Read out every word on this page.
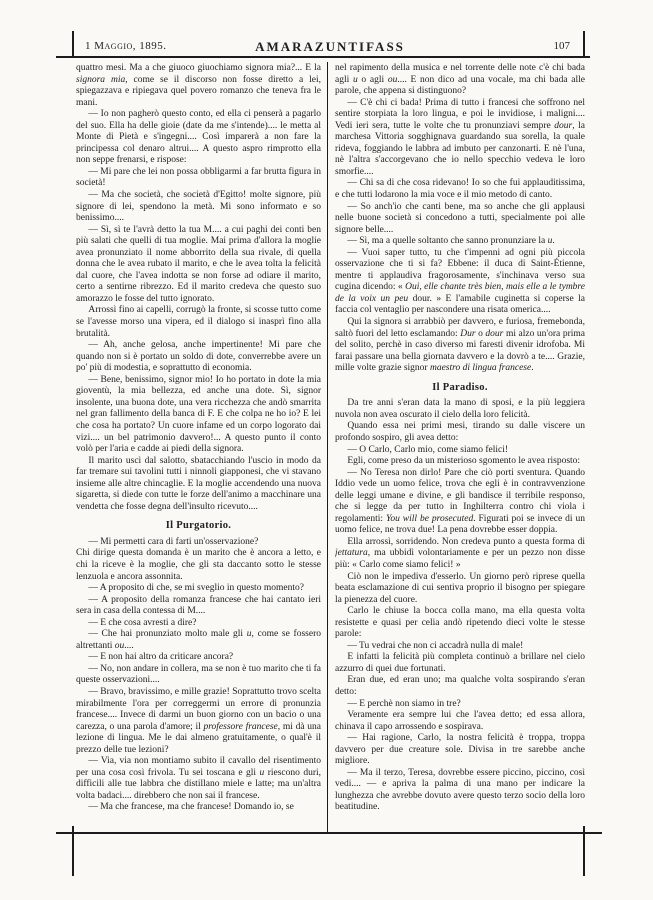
1 Maggio, 1895.	AMARAZUNTIFASS	107

quattro mesi. Ma a che giuoco giuochiamo signora mia?... E la signora mia, come se il discorso non fosse diretto a lei, spiegazzava e ripiegava quel povero romanzo che teneva fra le mani.

— Io non pagherò questo conto, ed ella ci penserà a pagarlo del suo. Ella ha delle gioie (date da me s'intende).... le metta al Monte di Pietà e s'ingegni.... Così imparerà a non fare la principessa col denaro altrui.... A questo aspro rimprotto ella non seppe frenarsi, e rispose:

— Mi pare che lei non possa obbligarmi a far brutta figura in società!

— Ma che società, che società d'Egitto! molte signore, più signore di lei, spendono la metà. Mi sono informato e so benissimo....

— Sì, sì te l'avrà detto la tua M.... a cui paghi dei conti ben più salati che quelli di tua moglie. Mai prima d'allora la moglie avea pronunziato il nome abborrito della sua rivale, di quella donna che le avea rubato il marito, e che le avea tolta la felicità dal cuore, che l'avea indotta se non forse ad odiare il marito, certo a sentirne ribrezzo. Ed il marito credeva che questo suo amorazzo le fosse del tutto ignorato.

Arrossì fino ai capelli, corrugò la fronte, si scosse tutto come se l'avesse morso una vipera, ed il dialogo si inasprì fino alla brutalità.

— Ah, anche gelosa, anche impertinente! Mi pare che quando non si è portato un soldo di dote, converrebbe avere un po' più di modestia, e soprattutto di economia.

— Bene, benissimo, signor mio! Io ho portato in dote la mia gioventù, la mia bellezza, ed anche una dote. Sì, signor insolente, una buona dote, una vera ricchezza che andò smarrita nel gran fallimento della banca di F. E che colpa ne ho io? E lei che cosa ha portato? Un cuore infame ed un corpo logorato dai vizi.... un bel patrimonio davvero!... A questo punto il conto volò per l'aria e cadde ai piedi della signora.

Il marito uscì dal salotto, sbatacchiando l'uscio in modo da far tremare sui tavolini tutti i ninnoli giapponesi, che vi stavano insieme alle altre chincaglie. E la moglie accendendo una nuova sigaretta, si diede con tutte le forze dell'animo a macchinare una vendetta che fosse degna dell'insulto ricevuto....

Il Purgatorio.

— Mi permetti cara di farti un'osservazione?

Chi dirige questa domanda è un marito che è ancora a letto, e chi la riceve è la moglie, che gli sta daccanto sotto le stesse lenzuola e ancora assonnita.

— A proposito di che, se mi sveglio in questo momento?

— A proposito della romanza francese che hai cantato ieri sera in casa della contessa di M....

— E che cosa avresti a dire?

— Che hai pronunziato molto male gli u, come se fossero altrettanti ou....

— E non hai altro da criticare ancora?

— No, non andare in collera, ma se non è tuo marito che ti fa queste osservazioni....

— Bravo, bravissimo, e mille grazie! Soprattutto trovo scelta mirabilmente l'ora per correggermi un errore di pronunzia francese.... Invece di darmi un buon giorno con un bacio o una carezza, o una parola d'amore; il professore francese, mi dà una lezione di lingua. Me le dai almeno gratuitamente, o qual'è il prezzo delle tue lezioni?

— Via, via non montiamo subito il cavallo del risentimento per una cosa così frivola. Tu sei toscana e gli u riescono duri, difficili alle tue labbra che distillano miele e latte; ma un'altra volta badaci.... direbbero che non sai il francese.

— Ma che francese, ma che francese! Domando io, se

nel rapimento della musica e nel torrente delle note c'è chi bada agli u o agli ou.... E non dico ad una vocale, ma chi bada alle parole, che appena si distinguono?

— C'è chi ci bada! Prima di tutto i francesi che soffrono nel sentire storpiata la loro lingua, e poi le invidiose, i maligni.... Vedi ieri sera, tutte le volte che tu pronunziavi sempre dour, la marchesa Vittoria sogghignava guardando sua sorella, la quale rideva, foggiando le labbra ad imbuto per canzonarti. E nè l'una, nè l'altra s'accorgevano che io nello specchio vedeva le loro smorfie....

— Chi sa di che cosa ridevano! Io so che fui applauditissima, e che tutti lodarono la mia voce e il mio metodo di canto.

— So anch'io che canti bene, ma so anche che gli applausi nelle buone società si concedono a tutti, specialmente poi alle signore belle....

— Sì, ma a quelle soltanto che sanno pronunziare la u.

— Vuoi saper tutto, tu che t'impenni ad ogni più piccola osservazione che ti si fa? Ebbene: il duca di Saint-Étienne, mentre ti applaudiva fragorosamente, s'inchinava verso sua cugina dicendo: « Oui, elle chante très bien, mais elle a le tymbre de la voix un peu dour. » E l'amabile cuginetta si coperse la faccia col ventaglio per nascondere una risata omerica....

Qui la signora si arrabbiò per davvero, e furiosa, fremebonda, saltò fuori del letto esclamando: Dur o dour mi alzo un'ora prima del solito, perchè in caso diverso mi faresti divenir idrofoba. Mi farai passare una bella giornata davvero e la dovrò a te.... Grazie, mille volte grazie signor maestro di lingua francese.

Il Paradiso.

Da tre anni s'eran data la mano di sposi, e la più leggiera nuvola non avea oscurato il cielo della loro felicità.

Quando essa nei primi mesi, tirando su dalle viscere un profondo sospiro, gli avea detto:

— O Carlo, Carlo mio, come siamo felici!

Egli, come preso da un misterioso sgomento le avea risposto:

— No Teresa non dirlo! Pare che ciò porti sventura. Quando Iddio vede un uomo felice, trova che egli è in contravvenzione delle leggi umane e divine, e gli bandisce il terribile responso, che si legge da per tutto in Inghilterra contro chi viola i regolamenti: You will be prosecuted. Figurati poi se invece di un uomo felice, ne trova due! La pena dovrebbe esser doppia.

Ella arrossì, sorridendo. Non credeva punto a questa forma di jettatura, ma ubbidì volontariamente e per un pezzo non disse più: « Carlo come siamo felici! »

Ciò non le impediva d'esserlo. Un giorno però riprese quella beata esclamazione di cui sentiva proprio il bisogno per spiegare la pienezza del cuore.

Carlo le chiuse la bocca colla mano, ma ella questa volta resistette e quasi per celia andò ripetendo dieci volte le stesse parole:

— Tu vedrai che non ci accadrà nulla di male!

E infatti la felicità più completa continuò a brillare nel cielo azzurro di quei due fortunati.

Eran due, ed eran uno; ma qualche volta sospirando s'eran detto:

— E perchè non siamo in tre?

Veramente era sempre lui che l'avea detto; ed essa allora, chinava il capo arrossendo e sospirava.

— Hai ragione, Carlo, la nostra felicità è troppa, troppa davvero per due creature sole. Divisa in tre sarebbe anche migliore.

— Ma il terzo, Teresa, dovrebbe essere piccino, piccino, così vedi.... — e apriva la palma di una mano per indicare la lunghezza che avrebbe dovuto avere questo terzo socio della loro beatitudine.
